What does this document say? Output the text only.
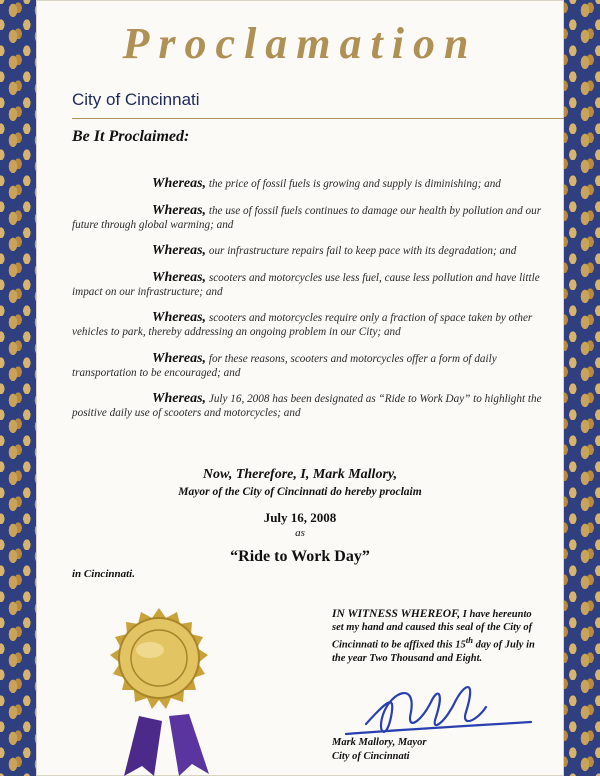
Proclamation
City of Cincinnati
Be It Proclaimed:

Whereas, the price of fossil fuels is growing and supply is diminishing; and

Whereas, the use of fossil fuels continues to damage our health by pollution and our future through global warming; and

Whereas, our infrastructure repairs fail to keep pace with its degradation; and

Whereas, scooters and motorcycles use less fuel, cause less pollution and have little impact on our infrastructure; and

Whereas, scooters and motorcycles require only a fraction of space taken by other vehicles to park, thereby addressing an ongoing problem in our City; and

Whereas, for these reasons, scooters and motorcycles offer a form of daily transportation to be encouraged; and

Whereas, July 16, 2008 has been designated as “Ride to Work Day” to highlight the positive daily use of scooters and motorcycles; and

Now, Therefore, I, Mark Mallory,
Mayor of the City of Cincinnati do hereby proclaim
July 16, 2008
as
“Ride to Work Day”
in Cincinnati.
IN WITNESS WHEREOF, I have hereunto set my hand and caused this seal of the City of Cincinnati to be affixed this 15th day of July in the year Two Thousand and Eight.
Mark Mallory, Mayor
City of Cincinnati
